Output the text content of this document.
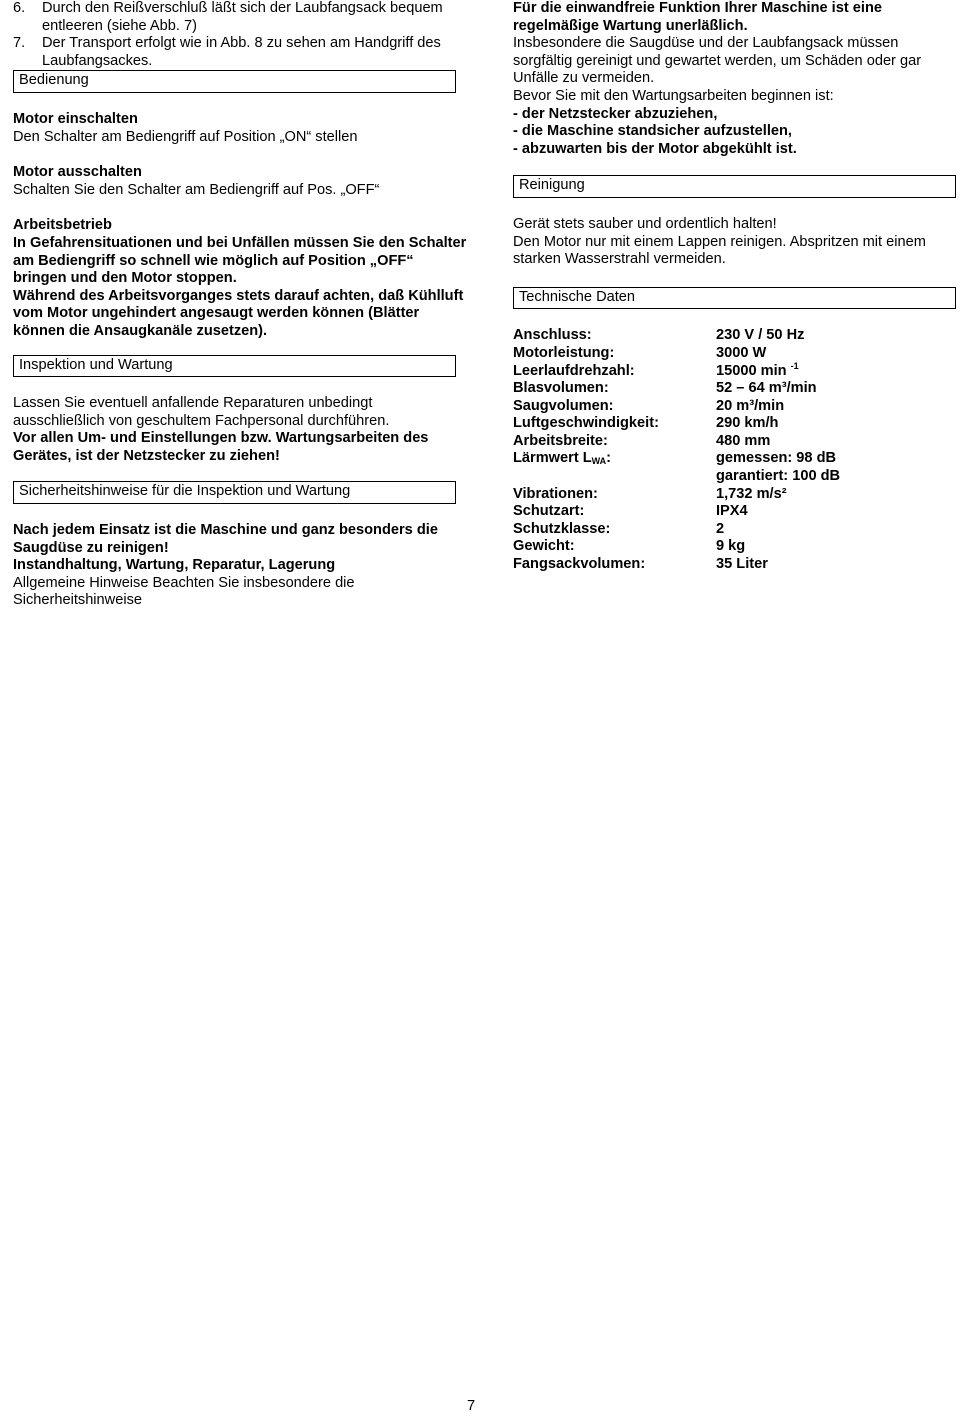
6. Durch den Reißverschluß läßt sich der Laubfangsack bequem entleeren (siehe Abb. 7)
7. Der Transport erfolgt wie in Abb. 8 zu sehen am Handgriff des Laubfangsackes.
Bedienung
Motor einschalten
Den Schalter am Bediengriff auf Position „ON“ stellen
Motor ausschalten
Schalten Sie den Schalter am Bediengriff auf Pos. „OFF“
Arbeitsbetrieb
In Gefahrensituationen und bei Unfällen müssen Sie den Schalter am Bediengriff so schnell wie möglich auf Position „OFF“ bringen und den Motor stoppen.
Während des Arbeitsvorganges stets darauf achten, daß Kühlluft vom Motor ungehindert angesaugt werden können (Blätter können die Ansaugkanäle zusetzen).
Inspektion und Wartung
Lassen Sie eventuell anfallende Reparaturen unbedingt ausschließlich von geschultem Fachpersonal durchführen.
Vor allen Um- und Einstellungen bzw. Wartungsarbeiten des Gerätes, ist der Netzstecker zu ziehen!
Sicherheitshinweise für die Inspektion und Wartung
Nach jedem Einsatz ist die Maschine und ganz besonders die Saugdüse zu reinigen!
Instandhaltung, Wartung, Reparatur, Lagerung
Allgemeine Hinweise Beachten Sie insbesondere die Sicherheitshinweise
Für die einwandfreie Funktion Ihrer Maschine ist eine regelmäßige Wartung unerläßlich.
Insbesondere die Saugdüse und der Laubfangsack müssen sorgfältig gereinigt und gewartet werden, um Schäden oder gar Unfälle zu vermeiden.
Bevor Sie mit den Wartungsarbeiten beginnen ist:
- der Netzstecker abzuziehen,
- die Maschine standsicher aufzustellen,
- abzuwarten bis der Motor abgekühlt ist.
Reinigung
Gerät stets sauber und ordentlich halten!
Den Motor nur mit einem Lappen reinigen. Abspritzen mit einem starken Wasserstrahl vermeiden.
Technische Daten
Anschluss:	230 V / 50 Hz
Motorleistung:	3000 W
Leerlaufdrehzahl:	15000 min $^{-1}$
Blasvolumen:	52 – 64 m³/min
Saugvolumen:	20 m³/min
Luftgeschwindigkeit:	290 km/h
Arbeitsbreite:	480 mm
Lärmwert $L_{WA}$:	gemessen: 98 dB
garantiert: 100 dB

Vibrationen:	1,732 m/s²
Schutzart:	IPX4
Schutzklasse:	2
Gewicht:	9 kg
Fangsackvolumen:	35 Liter
7
